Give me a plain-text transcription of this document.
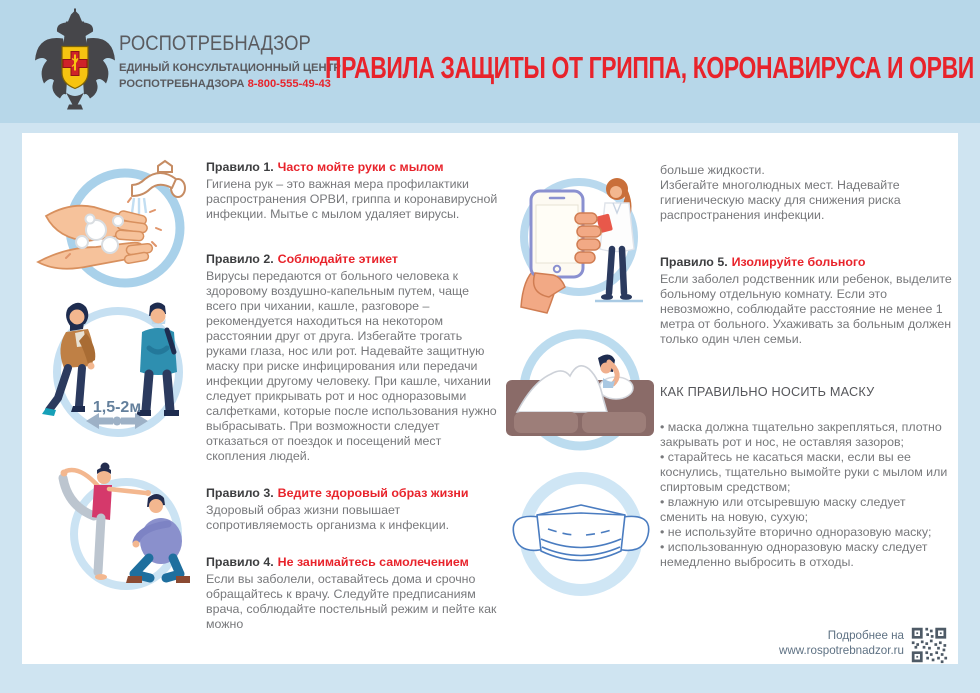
РОСПОТРЕБНАДЗОР
ЕДИНЫЙ КОНСУЛЬТАЦИОННЫЙ ЦЕНТР
РОСПОТРЕБНАДЗОРА 8-800-555-49-43
ПРАВИЛА ЗАЩИТЫ ОТ ГРИППА, КОРОНАВИРУСА И ОРВИ
1,5-2м

Правило 1. Часто мойте руки с мылом

Гигиена рук – это важная мера профилактики распространения ОРВИ, гриппа и коронавирусной инфекции. Мытье с мылом удаляет вирусы.

Правило 2. Соблюдайте этикет

Вирусы передаются от больного человека к здоровому воздушно-капельным путем, чаще всего при чихании, кашле, разговоре – рекомендуется находиться на некотором расстоянии друг от друга. Избегайте трогать руками глаза, нос или рот. Надевайте защитную маску при риске инфицирования или передачи инфекции другому человеку. При кашле, чихании следует прикрывать рот и нос одноразовыми салфетками, которые после использования нужно выбрасывать. При возможности следует отказаться от поездок и посещений мест скопления людей.

Правило 3. Ведите здоровый образ жизни

Здоровый образ жизни повышает сопротивляемость организма к инфекции.

Правило 4. Не занимайтесь самолечением

Если вы заболели, оставайтесь дома и срочно обращайтесь к врачу. Следуйте предписаниям врача, соблюдайте постельный режим и пейте как можно

больше жидкости.

Избегайте многолюдных мест. Надевайте гигиеническую маску для снижения риска распространения инфекции.

Правило 5. Изолируйте больного

Если заболел родственник или ребенок, выделите больному отдельную комнату. Если это невозможно, соблюдайте расстояние не менее 1 метра от больного. Ухаживать за больным должен только один член семьи.

КАК ПРАВИЛЬНО НОСИТЬ МАСКУ

• маска должна тщательно закрепляться, плотно закрывать рот и нос, не оставляя зазоров;

• старайтесь не касаться маски, если вы ее коснулись, тщательно вымойте руки с мылом или спиртовым средством;

• влажную или отсыревшую маску следует сменить на новую, сухую;

• не используйте вторично одноразовую маску;

• использованную одноразовую маску следует немедленно выбросить в отходы.

Подробнее на
www.rospotrebnadzor.ru
